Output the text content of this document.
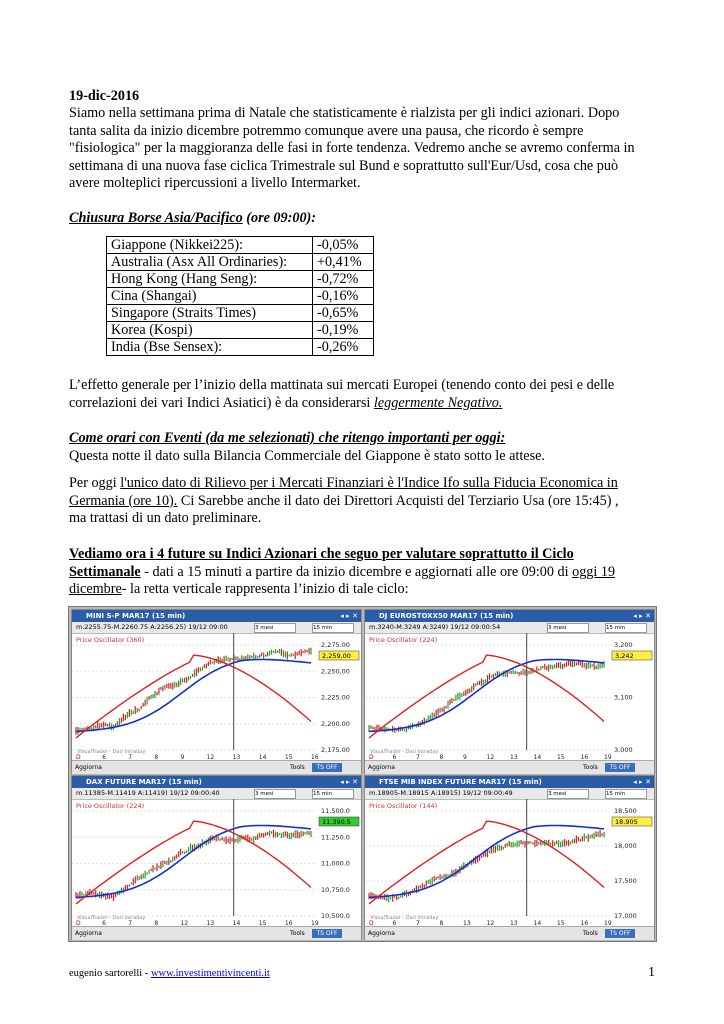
19-dic-2016
Siamo nella settimana prima di Natale che statisticamente è rialzista per gli indici azionari. Dopo
tanta salita da inizio dicembre potremmo comunque avere una pausa, che ricordo è sempre
"fisiologica" per la maggioranza delle fasi in forte tendenza. Vedremo anche se avremo conferma in
settimana di una nuova fase ciclica Trimestrale sul Bund e soprattutto sull'Eur/Usd, cosa che può
avere molteplici ripercussioni a livello Intermarket.
Chiusura Borse Asia/Pacifico (ore 09:00):
Giappone (Nikkei225):	-0,05%
Australia (Asx All Ordinaries):	+0,41%
Hong Kong (Hang Seng):	-0,72%
Cina (Shangai)	-0,16%
Singapore (Straits Times)	-0,65%
Korea (Kospi)	-0,19%
India (Bse Sensex):	-0,26%
L’effetto generale per l’inizio della mattinata sui mercati Europei (tenendo conto dei pesi e delle
correlazioni dei vari Indici Asiatici) è da considerarsi leggermente Negativo.
Come orari con Eventi (da me selezionati) che ritengo importanti per oggi:
Questa notte il dato sulla Bilancia Commerciale del Giappone è stato sotto le attese.
Per oggi l'unico dato di Rilievo per i Mercati Finanziari è l'Indice Ifo sulla Fiducia Economica in
Germania (ore 10). Ci Sarebbe anche il dato dei Direttori Acquisti del Terziario Usa (ore 15:45) ,
ma trattasi di un dato preliminare.
Vediamo ora i 4 future su Indici Azionari che seguo per valutare soprattutto il Ciclo
Settimanale - dati a 15 minuti a partire da inizio dicembre e aggiornati alle ore 09:00 di oggi 19
dicembre- la retta verticale rappresenta l’inizio di tale ciclo:
MINI S-P MAR17 (15 min)	◂ ▸ ✕
m.2255.75-M.2260.75 A:2256.25) 19/12 09:00	3 mesi	15 min
Price Oscillator (360)
VisualTrader - Dati Intraday
Aggiorna	Tools	TS OFF
2,275.00
2,250.00
2,225.00
2,200.00
2,175.00
D	6	7	8	9	12	13	14	15	16
2,259.00
DJ EUROSTOXX50 MAR17 (15 min)	◂ ▸ ✕
m.3240-M.3249 A:3249) 19/12 09:00:54	3 mesi	15 min
Price Oscillator (224)
VisualTrader - Dati Intraday
Aggiorna	Tools	TS OFF
3,200
3,100
3,000
D	6	7	8	9	12	13	14	15	16	19
3,242
DAX FUTURE MAR17 (15 min)	◂ ▸ ✕
m.11385-M.11419 A:11419) 19/12 09:00:40	3 mesi	15 min
Price Oscillator (224)
VisualTrader - Dati Intraday
Aggiorna	Tools	TS OFF
11,500.0
11,250.0
11,000.0
10,750.0
10,500.0
D	6	7	8	12	13	14	15	16	19
11,390.5
FTSE MIB INDEX FUTURE MAR17 (15 min)	◂ ▸ ✕
m.18905-M.18915 A:18915) 19/12 09:00:49	3 mesi	15 min
Price Oscillator (144)
VisualTrader - Dati Intraday
Aggiorna	Tools	TS OFF
18,500
18,000
17,500
17,000
D	6	7	8	13	12	13	14	15	16	19
18,905
eugenio sartorelli - www.investimentivincenti.it	1
